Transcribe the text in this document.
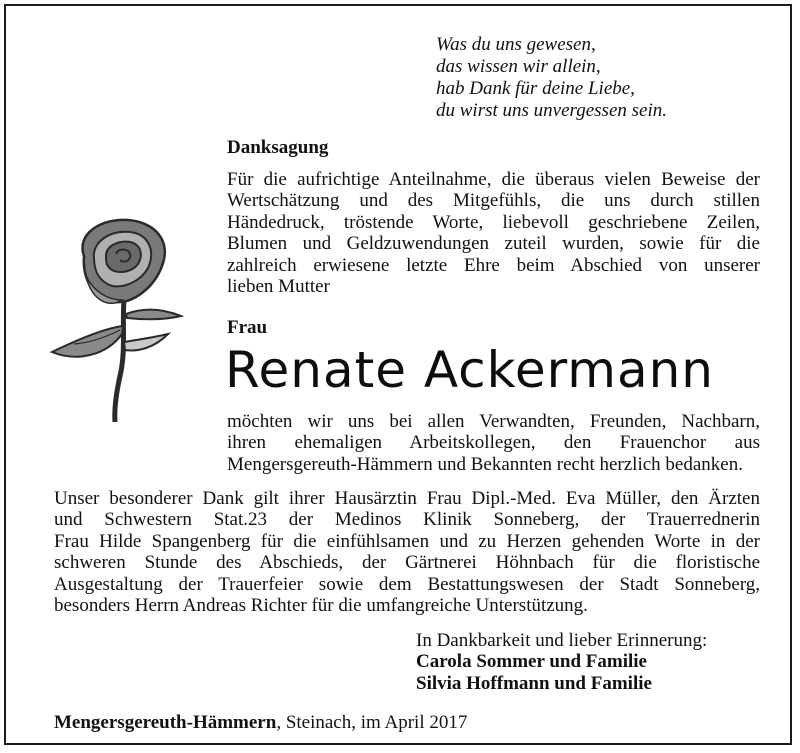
Was du uns gewesen,
das wissen wir allein,
hab Dank für deine Liebe,
du wirst uns unvergessen sein.
Danksagung
Für die aufrichtige Anteilnahme, die überaus vielen Beweise der
Wertschätzung und des Mitgefühls, die uns durch stillen
Händedruck, tröstende Worte, liebevoll geschriebene Zeilen,
Blumen und Geldzuwendungen zuteil wurden, sowie für die
zahlreich erwiesene letzte Ehre beim Abschied von unserer
lieben Mutter
Frau
Renate Ackermann
möchten wir uns bei allen Verwandten, Freunden, Nachbarn,
ihren ehemaligen Arbeitskollegen, den Frauenchor aus
Mengersgereuth-Hämmern und Bekannten recht herzlich bedanken.
Unser besonderer Dank gilt ihrer Hausärztin Frau Dipl.-Med. Eva Müller, den Ärzten
und Schwestern Stat.23 der Medinos Klinik Sonneberg, der Trauerrednerin
Frau Hilde Spangenberg für die einfühlsamen und zu Herzen gehenden Worte in der
schweren Stunde des Abschieds, der Gärtnerei Höhnbach für die floristische
Ausgestaltung der Trauerfeier sowie dem Bestattungswesen der Stadt Sonneberg,
besonders Herrn Andreas Richter für die umfangreiche Unterstützung.
In Dankbarkeit und lieber Erinnerung:
Carola Sommer und Familie
Silvia Hoffmann und Familie
Mengersgereuth-Hämmern, Steinach, im April 2017
